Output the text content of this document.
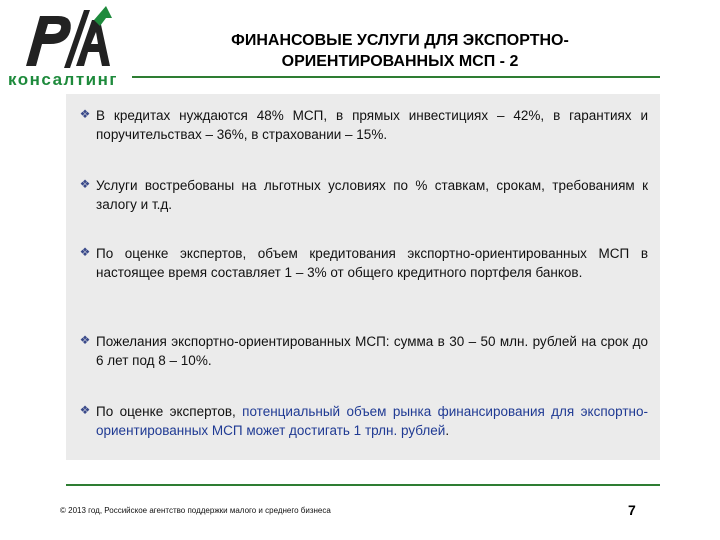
консалтинг
ФИНАНСОВЫЕ УСЛУГИ ДЛЯ ЭКСПОРТНО-ОРИЕНТИРОВАННЫХ МСП - 2
❖ В кредитах нуждаются 48% МСП, в прямых инвестициях – 42%, в гарантиях и поручительствах – 36%, в страховании – 15%.
❖ Услуги востребованы на льготных условиях по % ставкам, срокам, требованиям к залогу и т.д.
❖ По оценке экспертов, объем кредитования экспортно-ориентированных МСП в настоящее время составляет 1 – 3% от общего кредитного портфеля банков.
❖ Пожелания экспортно-ориентированных МСП: сумма в 30 – 50 млн. рублей на срок до 6 лет под 8 – 10%.
❖ По оценке экспертов, потенциальный объем рынка финансирования для экспортно-ориентированных МСП может достигать 1 трлн. рублей.
© 2013 год, Российское агентство поддержки малого и среднего бизнеса	7
